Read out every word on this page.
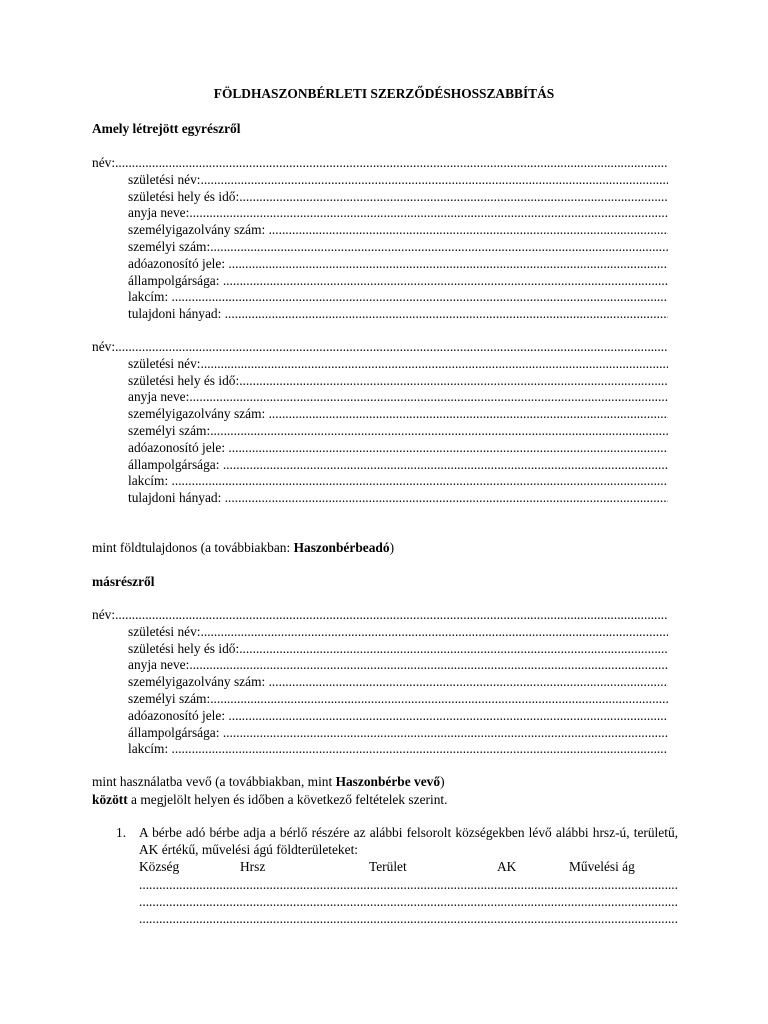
FÖLDHASZONBÉRLETI SZERZŐDÉSHOSSZABBÍTÁS
Amely létrejött egyrészről
név: .....
születési név: .....
születési hely és idő: .....
anyja neve: .....
személyigazolvány szám: .....
személyi szám: .....
adóazonosító jele: .....
állampolgársága: .....
lakcím: .....
tulajdoni hányad: .....
név: .....
születési név: .....
születési hely és idő: .....
anyja neve: .....
személyigazolvány szám: .....
személyi szám: .....
adóazonosító jele: .....
állampolgársága: .....
lakcím: .....
tulajdoni hányad: .....
mint földtulajdonos (a továbbiakban: Haszonbérbeadó)
másrészről
név: .....
születési név: .....
születési hely és idő: .....
anyja neve: .....
személyigazolvány szám: .....
személyi szám: .....
adóazonosító jele: .....
állampolgársága: .....
lakcím: .....
mint használatba vevő (a továbbiakban, mint Haszonbérbe vevő)
között a megjelölt helyen és időben a következő feltételek szerint.
1. A bérbe adó bérbe adja a bérlő részére az alábbi felsorolt községekben lévő alábbi hrsz-ú, területű, AK értékű, művelési ágú földterületeket:
Község	Hrsz	Terület	AK	Művelési ág
.....
.....
.....
